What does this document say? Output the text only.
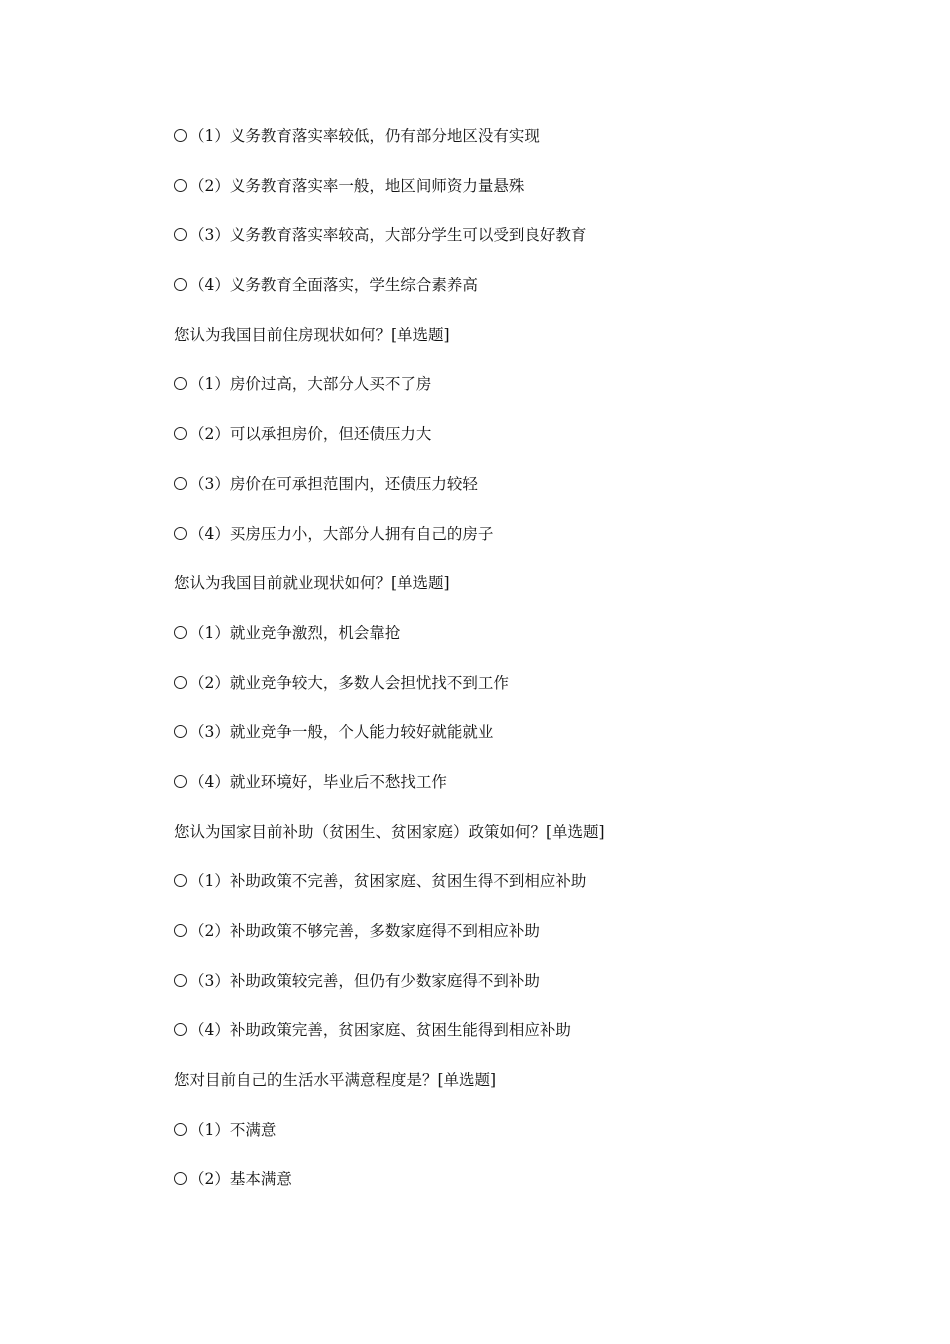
（1）义务教育落实率较低，仍有部分地区没有实现
（2）义务教育落实率一般，地区间师资力量悬殊
（3）义务教育落实率较高，大部分学生可以受到良好教育
（4）义务教育全面落实，学生综合素养高
您认为我国目前住房现状如何？[单选题]
（1）房价过高，大部分人买不了房
（2）可以承担房价，但还债压力大
（3）房价在可承担范围内，还债压力较轻
（4）买房压力小，大部分人拥有自己的房子
您认为我国目前就业现状如何？[单选题]
（1）就业竞争激烈，机会靠抢
（2）就业竞争较大，多数人会担忧找不到工作
（3）就业竞争一般，个人能力较好就能就业
（4）就业环境好，毕业后不愁找工作
您认为国家目前补助（贫困生、贫困家庭）政策如何？[单选题]
（1）补助政策不完善，贫困家庭、贫困生得不到相应补助
（2）补助政策不够完善，多数家庭得不到相应补助
（3）补助政策较完善，但仍有少数家庭得不到补助
（4）补助政策完善，贫困家庭、贫困生能得到相应补助
您对目前自己的生活水平满意程度是？[单选题]
（1）不满意
（2）基本满意
